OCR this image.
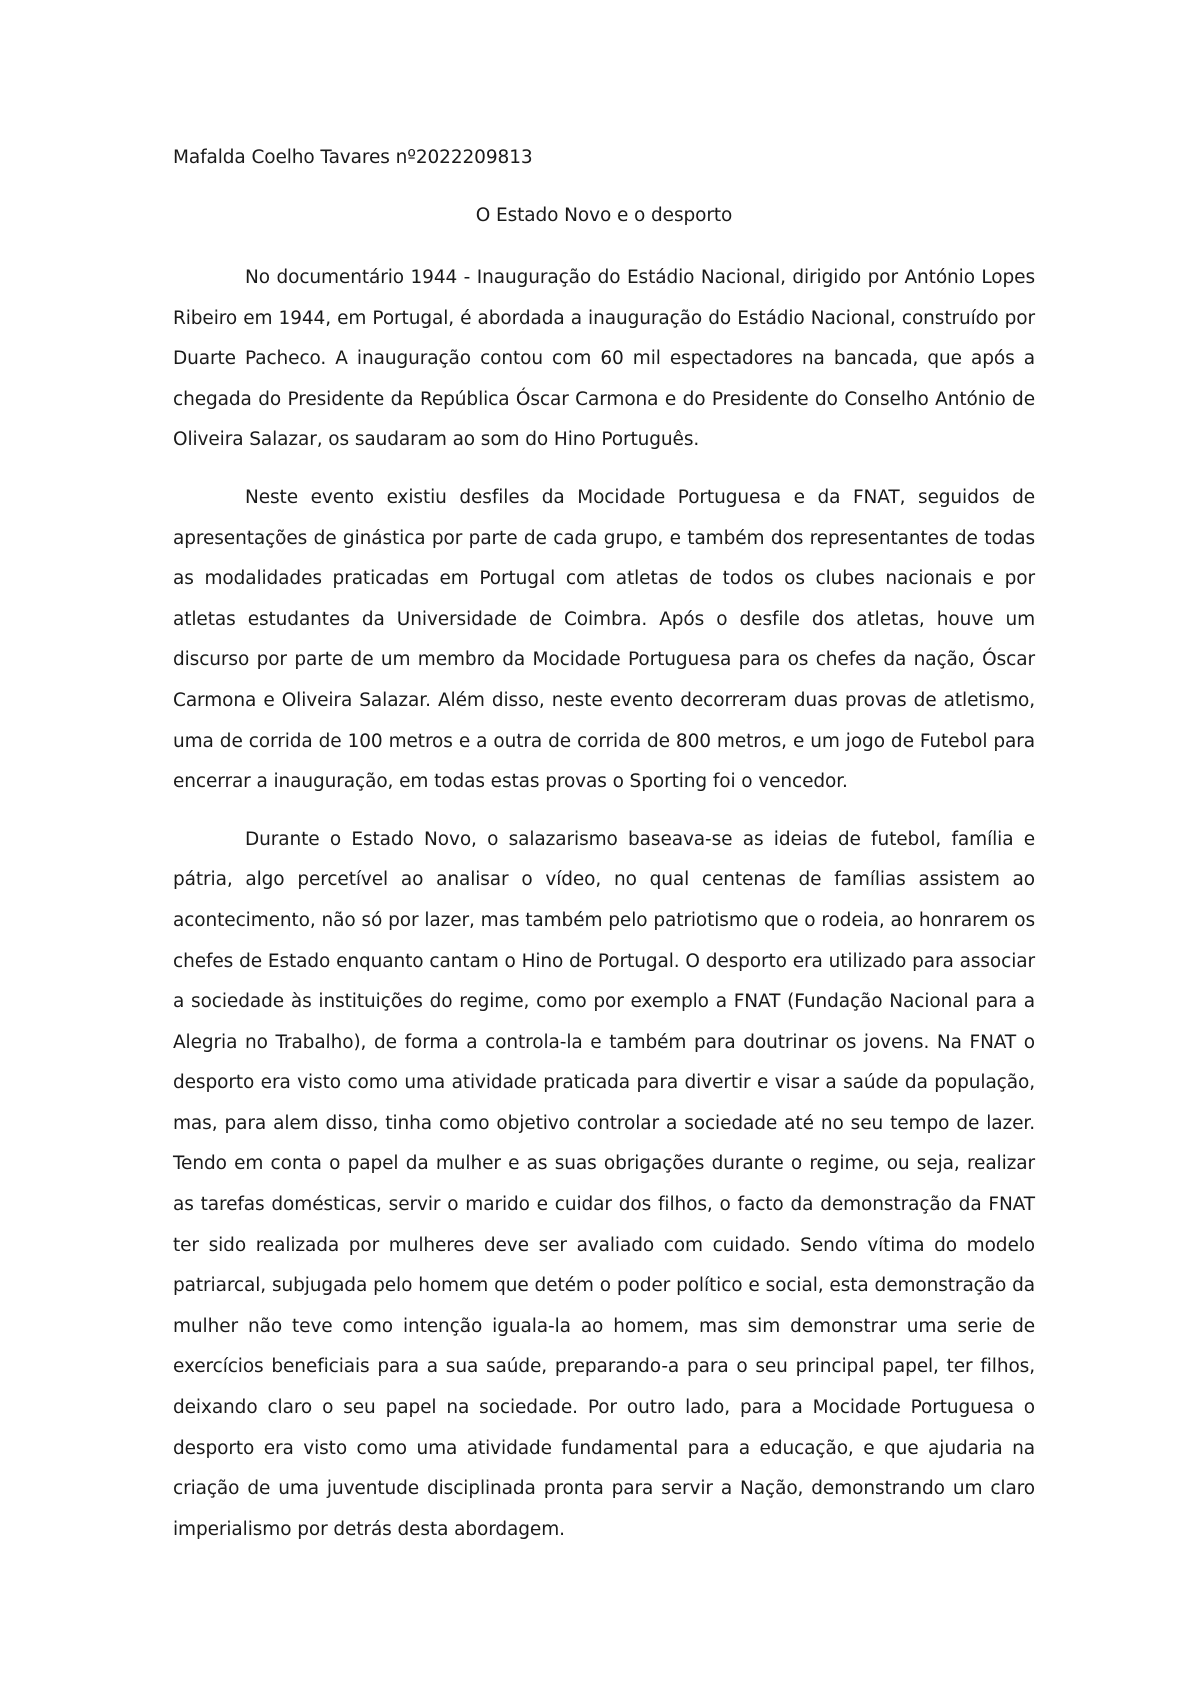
Mafalda Coelho Tavares nº2022209813
O Estado Novo e o desporto

No documentário 1944 - Inauguração do Estádio Nacional, dirigido por António Lopes Ribeiro em 1944, em Portugal, é abordada a inauguração do Estádio Nacional, construído por Duarte Pacheco. A inauguração contou com 60 mil espectadores na bancada, que após a chegada do Presidente da República Óscar Carmona e do Presidente do Conselho António de Oliveira Salazar, os saudaram ao som do Hino Português.

Neste evento existiu desfiles da Mocidade Portuguesa e da FNAT, seguidos de apresentações de ginástica por parte de cada grupo, e também dos representantes de todas as modalidades praticadas em Portugal com atletas de todos os clubes nacionais e por atletas estudantes da Universidade de Coimbra. Após o desfile dos atletas, houve um discurso por parte de um membro da Mocidade Portuguesa para os chefes da nação, Óscar Carmona e Oliveira Salazar. Além disso, neste evento decorreram duas provas de atletismo, uma de corrida de 100 metros e a outra de corrida de 800 metros, e um jogo de Futebol para encerrar a inauguração, em todas estas provas o Sporting foi o vencedor.

Durante o Estado Novo, o salazarismo baseava-se as ideias de futebol, família e pátria, algo percetível ao analisar o vídeo, no qual centenas de famílias assistem ao acontecimento, não só por lazer, mas também pelo patriotismo que o rodeia, ao honrarem os chefes de Estado enquanto cantam o Hino de Portugal. O desporto era utilizado para associar a sociedade às instituições do regime, como por exemplo a FNAT (Fundação Nacional para a Alegria no Trabalho), de forma a controla-la e também para doutrinar os jovens. Na FNAT o desporto era visto como uma atividade praticada para divertir e visar a saúde da população, mas, para alem disso, tinha como objetivo controlar a sociedade até no seu tempo de lazer. Tendo em conta o papel da mulher e as suas obrigações durante o regime, ou seja, realizar as tarefas domésticas, servir o marido e cuidar dos filhos, o facto da demonstração da FNAT ter sido realizada por mulheres deve ser avaliado com cuidado. Sendo vítima do modelo patriarcal, subjugada pelo homem que detém o poder político e social, esta demonstração da mulher não teve como intenção iguala-la ao homem, mas sim demonstrar uma serie de exercícios beneficiais para a sua saúde, preparando-a para o seu principal papel, ter filhos, deixando claro o seu papel na sociedade. Por outro lado, para a Mocidade Portuguesa o desporto era visto como uma atividade fundamental para a educação, e que ajudaria na criação de uma juventude disciplinada pronta para servir a Nação, demonstrando um claro imperialismo por detrás desta abordagem.
